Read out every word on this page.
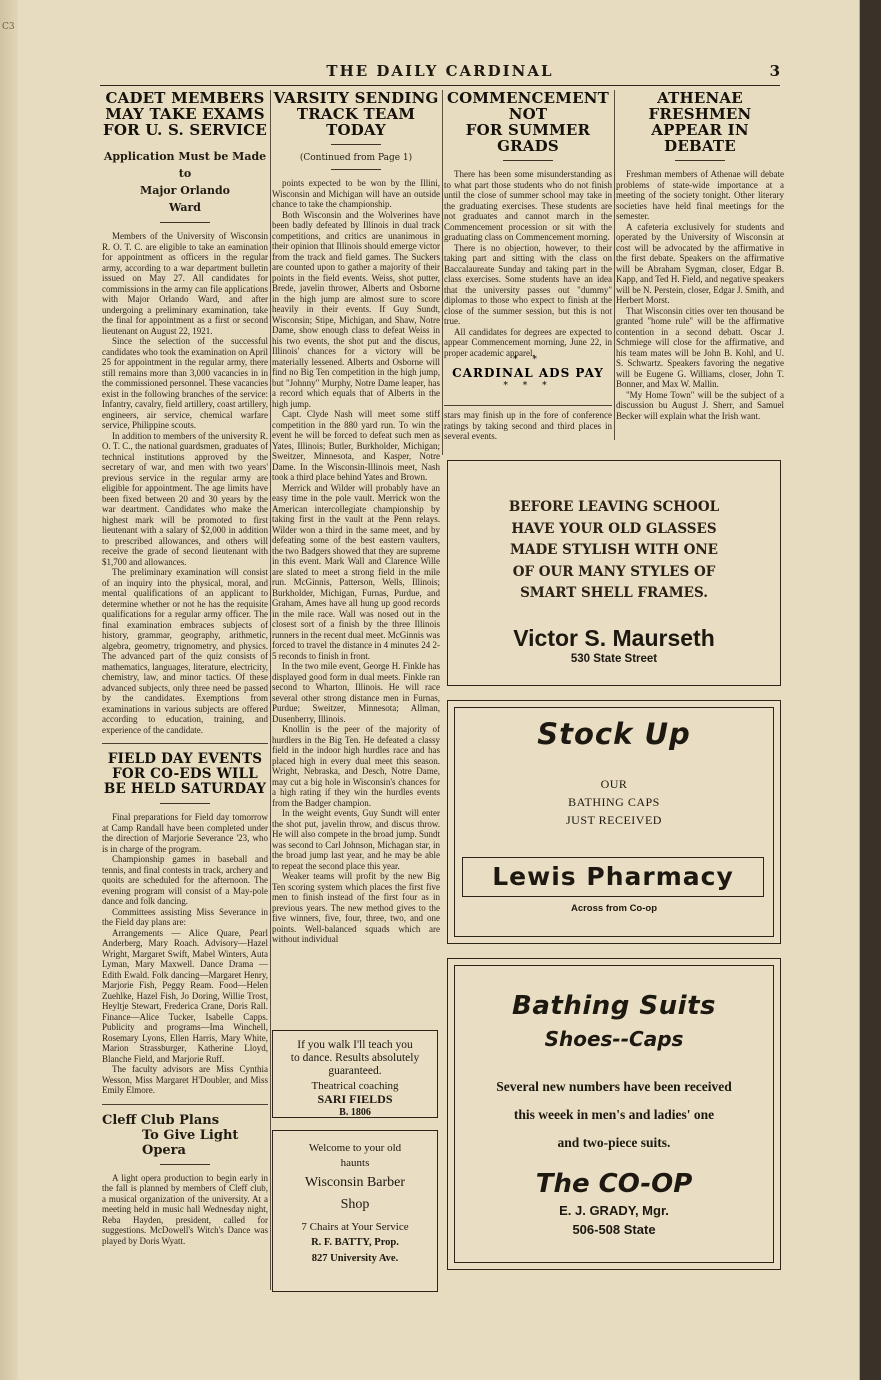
C3
THE DAILY CARDINAL	3
CADET MEMBERS
MAY TAKE EXAMS
FOR U. S. SERVICE
Application Must be Made to
Major Orlando
Ward

Members of the University of Wisconsin R. O. T. C. are eligible to take an eamination for appointment as officers in the regular army, according to a war department bulletin issued on May 27. All candidates for commissions in the army can file applications with Major Orlando Ward, and after undergoing a preliminary examination, take the final for appointment as a first or second lieutenant on August 22, 1921.

Since the selection of the successful candidates who took the examination on April 25 for appointment in the regular army, there still remains more than 3,000 vacancies in in the commissioned personnel. These vacancies exist in the following branches of the service: Infantry, cavalry, field artillery, coast artillery, engineers, air service, chemical warfare service, Philippine scouts.

In addition to members of the university R. O. T. C., the national guardsmen, graduates of technical institutions approved by the secretary of war, and men with two years' previous service in the regular army are eligible for appointment. The age limits have been fixed between 20 and 30 years by the war deartment. Candidates who make the highest mark will be promoted to first lieutenant with a salary of $2,000 in addition to prescribed allowances, and others will receive the grade of second lieutenant with $1,700 and allowances.

The preliminary examination will consist of an inquiry into the physical, moral, and mental qualifications of an applicant to determine whether or not he has the requisite qualifications for a regular army officer. The final examination embraces subjects of history, grammar, geography, arithmetic, algebra, geometry, trignometry, and physics. The advanced part of the quiz consists of mathematics, languages, literature, electricity, chemistry, law, and minor tactics. Of these advanced subjects, only three need be passed by the candidates. Exemptions from examinations in various subjects are offered according to education, training, and experience of the candidate.

FIELD DAY EVENTS
FOR CO-EDS WILL
BE HELD SATURDAY

Final preparations for Field day tomorrow at Camp Randall have been completed under the direction of Marjorie Severance '23, who is in charge of the program.

Championship games in baseball and tennis, and final contests in track, archery and quoits are scheduled for the afternoon. The evening program will consist of a May-pole dance and folk dancing.

Committees assisting Miss Severance in the Field day plans are:

Arrangements — Alice Quare, Pearl Anderberg, Mary Roach. Advisory—Hazel Wright, Margaret Swift, Mabel Winters, Auta Lyman, Mary Maxwell. Dance Drama — Edith Ewald. Folk dancing—Margaret Henry, Marjorie Fish, Peggy Ream. Food—Helen Zuehlke, Hazel Fish, Jo Doring, Willie Trost, Heyltje Stewart, Frederica Crane, Doris Rall. Finance—Alice Tucker, Isabelle Capps. Publicity and programs—Ima Winchell, Rosemary Lyons, Ellen Harris, Mary White, Marion Strassburger, Katherine Lloyd, Blanche Field, and Marjorie Ruff.

The faculty advisors are Miss Cynthia Wesson, Miss Margaret H'Doubler, and Miss Emily Elmore.

Cleff Club Plans
To Give Light Opera

A light opera production to begin early in the fall is planned by members of Cleff club, a musical organization of the university. At a meeting held in music hall Wednesday night, Reba Hayden, president, called for suggestions. McDowell's Witch's Dance was played by Doris Wyatt.

VARSITY SENDING
TRACK TEAM TODAY
(Continued from Page 1)

points expected to be won by the Illini, Wisconsin and Michigan will have an outside chance to take the championship.

Both Wisconsin and the Wolverines have been badly defeated by Illinois in dual track competitions, and critics are unanimous in their opinion that Illinois should emerge victor from the track and field games. The Suckers are counted upon to gather a majority of their points in the field events. Weiss, shot putter, Brede, javelin thrower, Alberts and Osborne in the high jump are almost sure to score heavily in their events. If Guy Sundt, Wisconsin; Stipe, Michigan, and Shaw, Notre Dame, show enough class to defeat Weiss in his two events, the shot put and the discus, Illinois' chances for a victory will be materially lessened. Alberts and Osborne will find no Big Ten competition in the high jump, but "Johnny" Murphy, Notre Dame leaper, has a record which equals that of Alberts in the high jump.

Capt. Clyde Nash will meet some stiff competition in the 880 yard run. To win the event he will be forced to defeat such men as Yates, Illinois; Butler, Burkholder, Michigan; Sweitzer, Minnesota, and Kasper, Notre Dame. In the Wisconsin-Illinois meet, Nash took a third place behind Yates and Brown.

Merrick and Wilder will probably have an easy time in the pole vault. Merrick won the American intercollegiate championship by taking first in the vault at the Penn relays. Wilder won a third in the same meet, and by defeating some of the best eastern vaulters, the two Badgers showed that they are supreme in this event. Mark Wall and Clarence Wille are slated to meet a strong field in the mile run. McGinnis, Patterson, Wells, Illinois; Burkholder, Michigan, Furnas, Purdue, and Graham, Ames have all hung up good records in the mile race. Wall was nosed out in the closest sort of a finish by the three Illinois runners in the recent dual meet. McGinnis was forced to travel the distance in 4 minutes 24 2-5 reconds to finish in front.

In the two mile event, George H. Finkle has displayed good form in dual meets. Finkle ran second to Wharton, Illinois. He will race several other strong distance men in Furnas, Purdue; Sweitzer, Minnesota; Allman, Dusenberry, Illinois.

Knollin is the peer of the majority of hurdlers in the Big Ten. He defeated a classy field in the indoor high hurdles race and has placed high in every dual meet this season. Wright, Nebraska, and Desch, Notre Dame, may cut a big hole in Wisconsin's chances for a high rating if they win the hurdles events from the Badger champion.

In the weight events, Guy Sundt will enter the shot put, javelin throw, and discus throw. He will also compete in the broad jump. Sundt was second to Carl Johnson, Michagan star, in the broad jump last year, and he may be able to repeat the second place this year.

Weaker teams will profit by the new Big Ten scoring system which places the first five men to finish instead of the first four as in previous years. The new method gives to the five winners, five, four, three, two, and one points. Well-balanced squads which are without individual

If you walk I'll teach you
to dance. Results absolutely
guaranteed.
Theatrical coaching
SARI FIELDS
B. 1806
Welcome to your old
haunts
Wisconsin Barber
Shop
7 Chairs at Your Service
R. F. BATTY, Prop.
827 University Ave.
COMMENCEMENT NOT
FOR SUMMER GRADS

There has been some misunderstanding as to what part those students who do not finish until the close of summer school may take in the graduating exercises. These students are not graduates and cannot march in the Commencement procession or sit with the graduating class on Commencement morning.

There is no objection, however, to their taking part and sitting with the class on Baccalaureate Sunday and taking part in the class exercises. Some students have an idea that the university passes out "dummy" diplomas to those who expect to finish at the close of the summer session, but this is not true.

All candidates for degrees are expected to appear Commencement morning, June 22, in proper academic apparel.

* *
CARDINAL ADS PAY
* * *
stars may finish up in the fore of conference ratings by taking second and third places in several events.
ATHENAE FRESHMEN
APPEAR IN DEBATE

Freshman members of Athenae will debate problems of state-wide importance at a meeting of the society tonight. Other literary societies have held final meetings for the semester.

A cafeteria exclusively for students and operated by the University of Wisconsin at cost will be advocated by the affirmative in the first debate. Speakers on the affirmative will be Abraham Sygman, closer, Edgar B. Kapp, and Ted H. Field, and negative speakers will be N. Perstein, closer, Edgar J. Smith, and Herbert Morst.

That Wisconsin cities over ten thousand be granted "home rule" will be the affirmative contention in a second debatt. Oscar J. Schmiege will close for the affirmative, and his team mates will be John B. Kohl, and U. S. Schwartz. Speakers favoring the negative will be Eugene G. Williams, closer, John T. Bonner, and Max W. Mallin.

"My Home Town" will be the subject of a discussion bu August J. Sherr, and Samuel Becker will explain what the Irish want.

BEFORE LEAVING SCHOOL
HAVE YOUR OLD GLASSES
MADE STYLISH WITH ONE
OF OUR MANY STYLES OF
SMART SHELL FRAMES.
Victor S. Maurseth
530 State Street
Stock Up
OUR
BATHING CAPS
JUST RECEIVED
Lewis Pharmacy
Across from Co-op
Bathing Suits
Shoes--Caps
Several new numbers have been received
this weeek in men's and ladies' one
and two-piece suits.
The CO-OP
E. J. GRADY, Mgr.
506-508 State
